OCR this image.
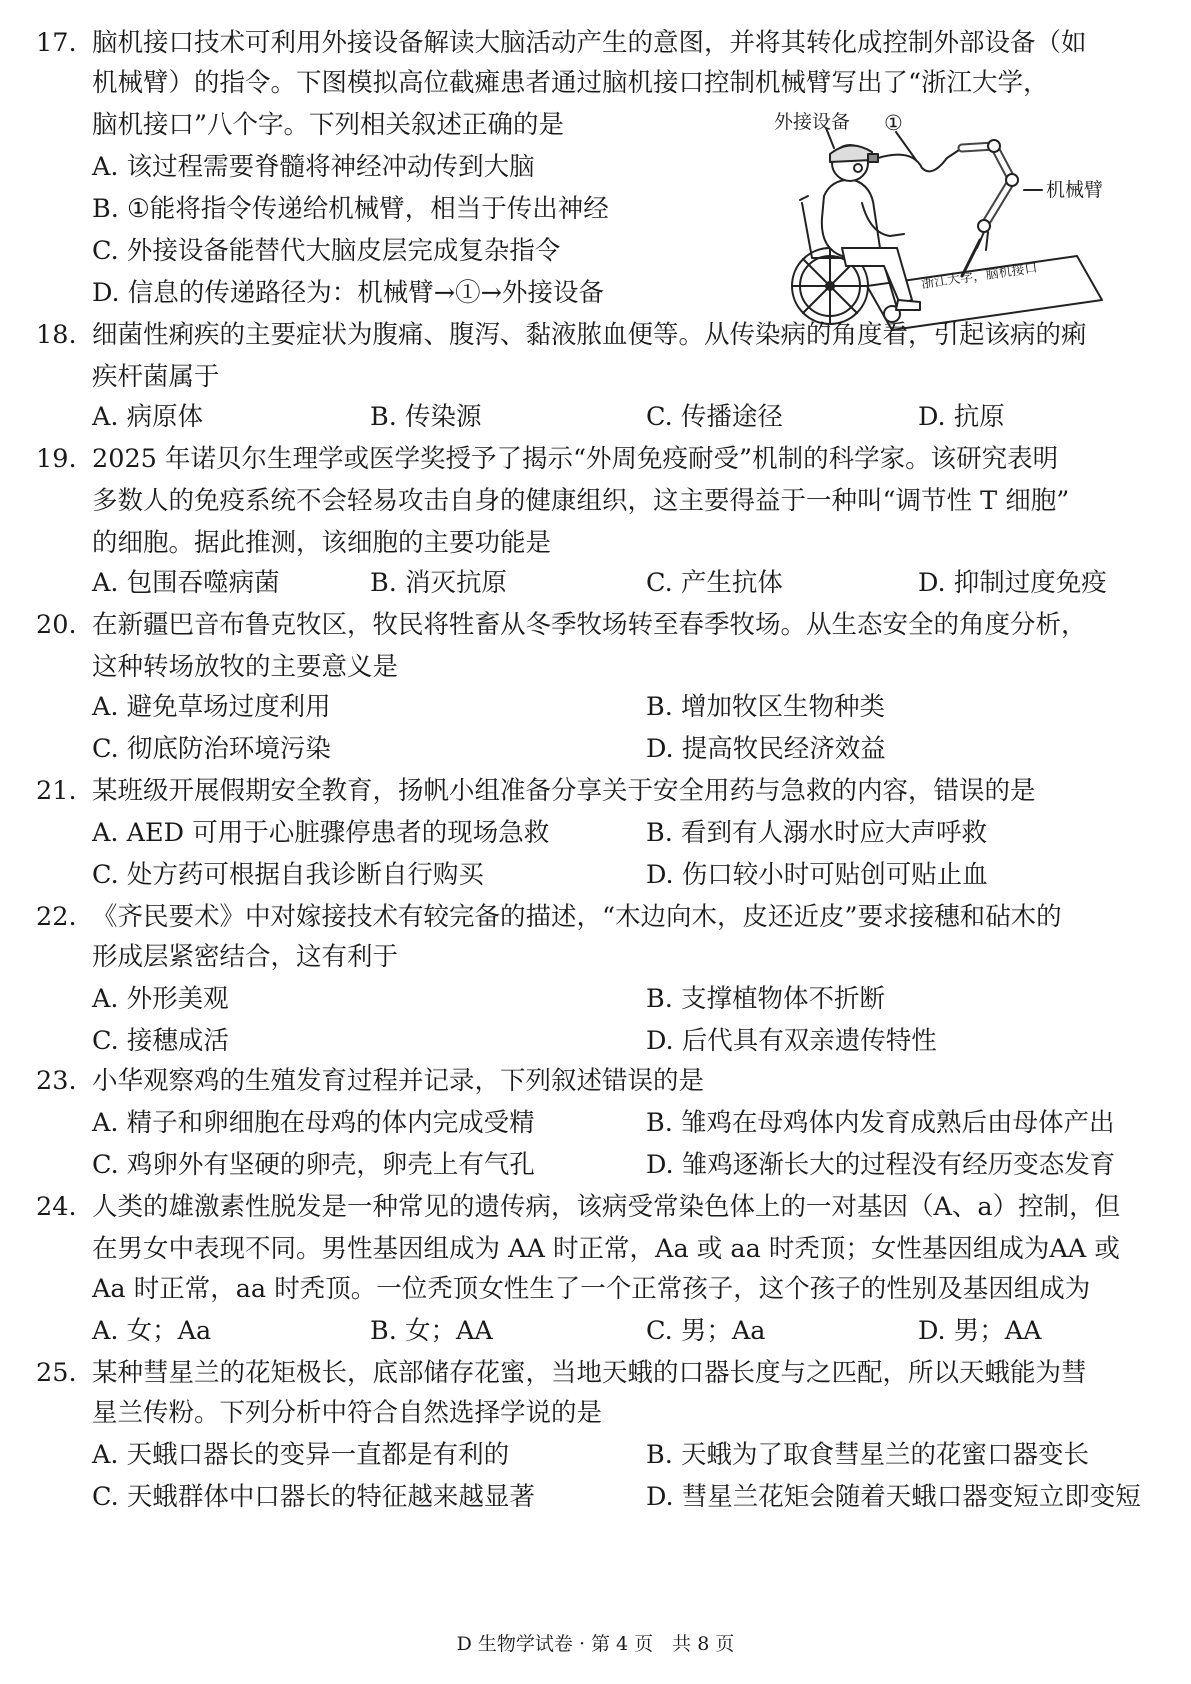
17. 脑机接口技术可利用外接设备解读大脑活动产生的意图，并将其转化成控制外部设备（如
机械臂）的指令。下图模拟高位截瘫患者通过脑机接口控制机械臂写出了“浙江大学，
脑机接口”八个字。下列相关叙述正确的是
A. 该过程需要脊髓将神经冲动传到大脑
B. ①能将指令传递给机械臂，相当于传出神经
C. 外接设备能替代大脑皮层完成复杂指令
D. 信息的传递路径为：机械臂→①→外接设备
外接设备 ①
机械臂
浙江大学，脑机接口
18. 细菌性痢疾的主要症状为腹痛、腹泻、黏液脓血便等。从传染病的角度看，引起该病的痢
疾杆菌属于
A. 病原体	B. 传染源	C. 传播途径	D. 抗原
19. 2025 年诺贝尔生理学或医学奖授予了揭示“外周免疫耐受”机制的科学家。该研究表明
多数人的免疫系统不会轻易攻击自身的健康组织，这主要得益于一种叫“调节性 T 细胞”
的细胞。据此推测，该细胞的主要功能是
A. 包围吞噬病菌	B. 消灭抗原	C. 产生抗体	D. 抑制过度免疫
20. 在新疆巴音布鲁克牧区，牧民将牲畜从冬季牧场转至春季牧场。从生态安全的角度分析，
这种转场放牧的主要意义是
A. 避免草场过度利用	B. 增加牧区生物种类
C. 彻底防治环境污染	D. 提高牧民经济效益
21. 某班级开展假期安全教育，扬帆小组准备分享关于安全用药与急救的内容，错误的是
A. AED 可用于心脏骤停患者的现场急救	B. 看到有人溺水时应大声呼救
C. 处方药可根据自我诊断自行购买	D. 伤口较小时可贴创可贴止血
22. 《齐民要术》中对嫁接技术有较完备的描述，“木边向木，皮还近皮”要求接穗和砧木的
形成层紧密结合，这有利于
A. 外形美观	B. 支撑植物体不折断
C. 接穗成活	D. 后代具有双亲遗传特性
23. 小华观察鸡的生殖发育过程并记录，下列叙述错误的是
A. 精子和卵细胞在母鸡的体内完成受精	B. 雏鸡在母鸡体内发育成熟后由母体产出
C. 鸡卵外有坚硬的卵壳，卵壳上有气孔	D. 雏鸡逐渐长大的过程没有经历变态发育
24. 人类的雄激素性脱发是一种常见的遗传病，该病受常染色体上的一对基因（A、a）控制，但
在男女中表现不同。男性基因组成为 AA 时正常，Aa 或 aa 时秃顶；女性基因组成为AA 或
Aa 时正常，aa 时秃顶。一位秃顶女性生了一个正常孩子，这个孩子的性别及基因组成为
A. 女；Aa	B. 女；AA	C. 男；Aa	D. 男；AA
25. 某种彗星兰的花矩极长，底部储存花蜜，当地天蛾的口器长度与之匹配，所以天蛾能为彗
星兰传粉。下列分析中符合自然选择学说的是
A. 天蛾口器长的变异一直都是有利的	B. 天蛾为了取食彗星兰的花蜜口器变长
C. 天蛾群体中口器长的特征越来越显著	D. 彗星兰花矩会随着天蛾口器变短立即变短
D 生物学试卷 · 第 4 页　共 8 页
